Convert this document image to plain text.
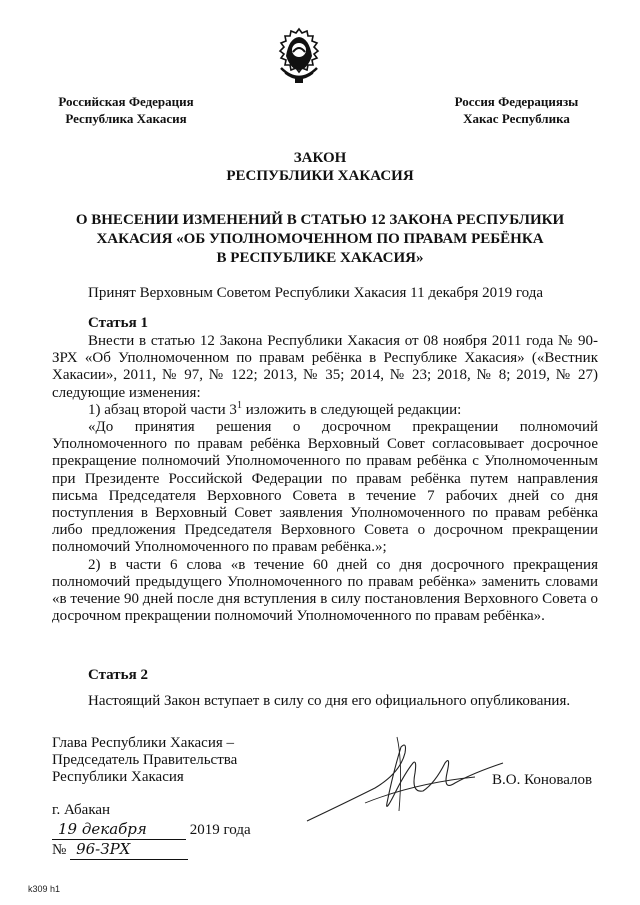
Российская Федерация
Республика Хакасия
Россия Федерациязы
Хакас Республика
ЗАКОН
РЕСПУБЛИКИ ХАКАСИЯ
О ВНЕСЕНИИ ИЗМЕНЕНИЙ В СТАТЬЮ 12 ЗАКОНА РЕСПУБЛИКИ
ХАКАСИЯ «ОБ УПОЛНОМОЧЕННОМ ПО ПРАВАМ РЕБЁНКА
В РЕСПУБЛИКЕ ХАКАСИЯ»
Принят Верховным Советом Республики Хакасия 11 декабря 2019 года
Статья 1

Внести в статью 12 Закона Республики Хакасия от 08 ноября 2011 года № 90-ЗРХ «Об Уполномоченном по правам ребёнка в Республике Хакасия» («Вестник Хакасии», 2011, № 97, № 122; 2013, № 35; 2014, № 23; 2018, № 8; 2019, № 27) следующие изменения:

1) абзац второй части $3^1$ изложить в следующей редакции:

«До принятия решения о досрочном прекращении полномочий Уполномоченного по правам ребёнка Верховный Совет согласовывает досрочное прекращение полномочий Уполномоченного по правам ребёнка с Уполномоченным при Президенте Российской Федерации по правам ребёнка путем направления письма Председателя Верховного Совета в течение 7 рабочих дней со дня поступления в Верховный Совет заявления Уполномоченного по правам ребёнка либо предложения Председателя Верховного Совета о досрочном прекращении полномочий Уполномоченного по правам ребёнка.»;

2) в части 6 слова «в течение 60 дней со дня досрочного прекращения полномочий предыдущего Уполномоченного по правам ребёнка» заменить словами «в течение 90 дней после дня вступления в силу постановления Верховного Совета о досрочном прекращении полномочий Уполномоченного по правам ребёнка».

Статья 2
Настоящий Закон вступает в силу со дня его официального опубликования.
Глава Республики Хакасия –
Председатель Правительства
Республики Хакасия	В.О. Коновалов
г. Абакан
19 декабря	2019 года
№ 96-ЗРХ
k309 h1
